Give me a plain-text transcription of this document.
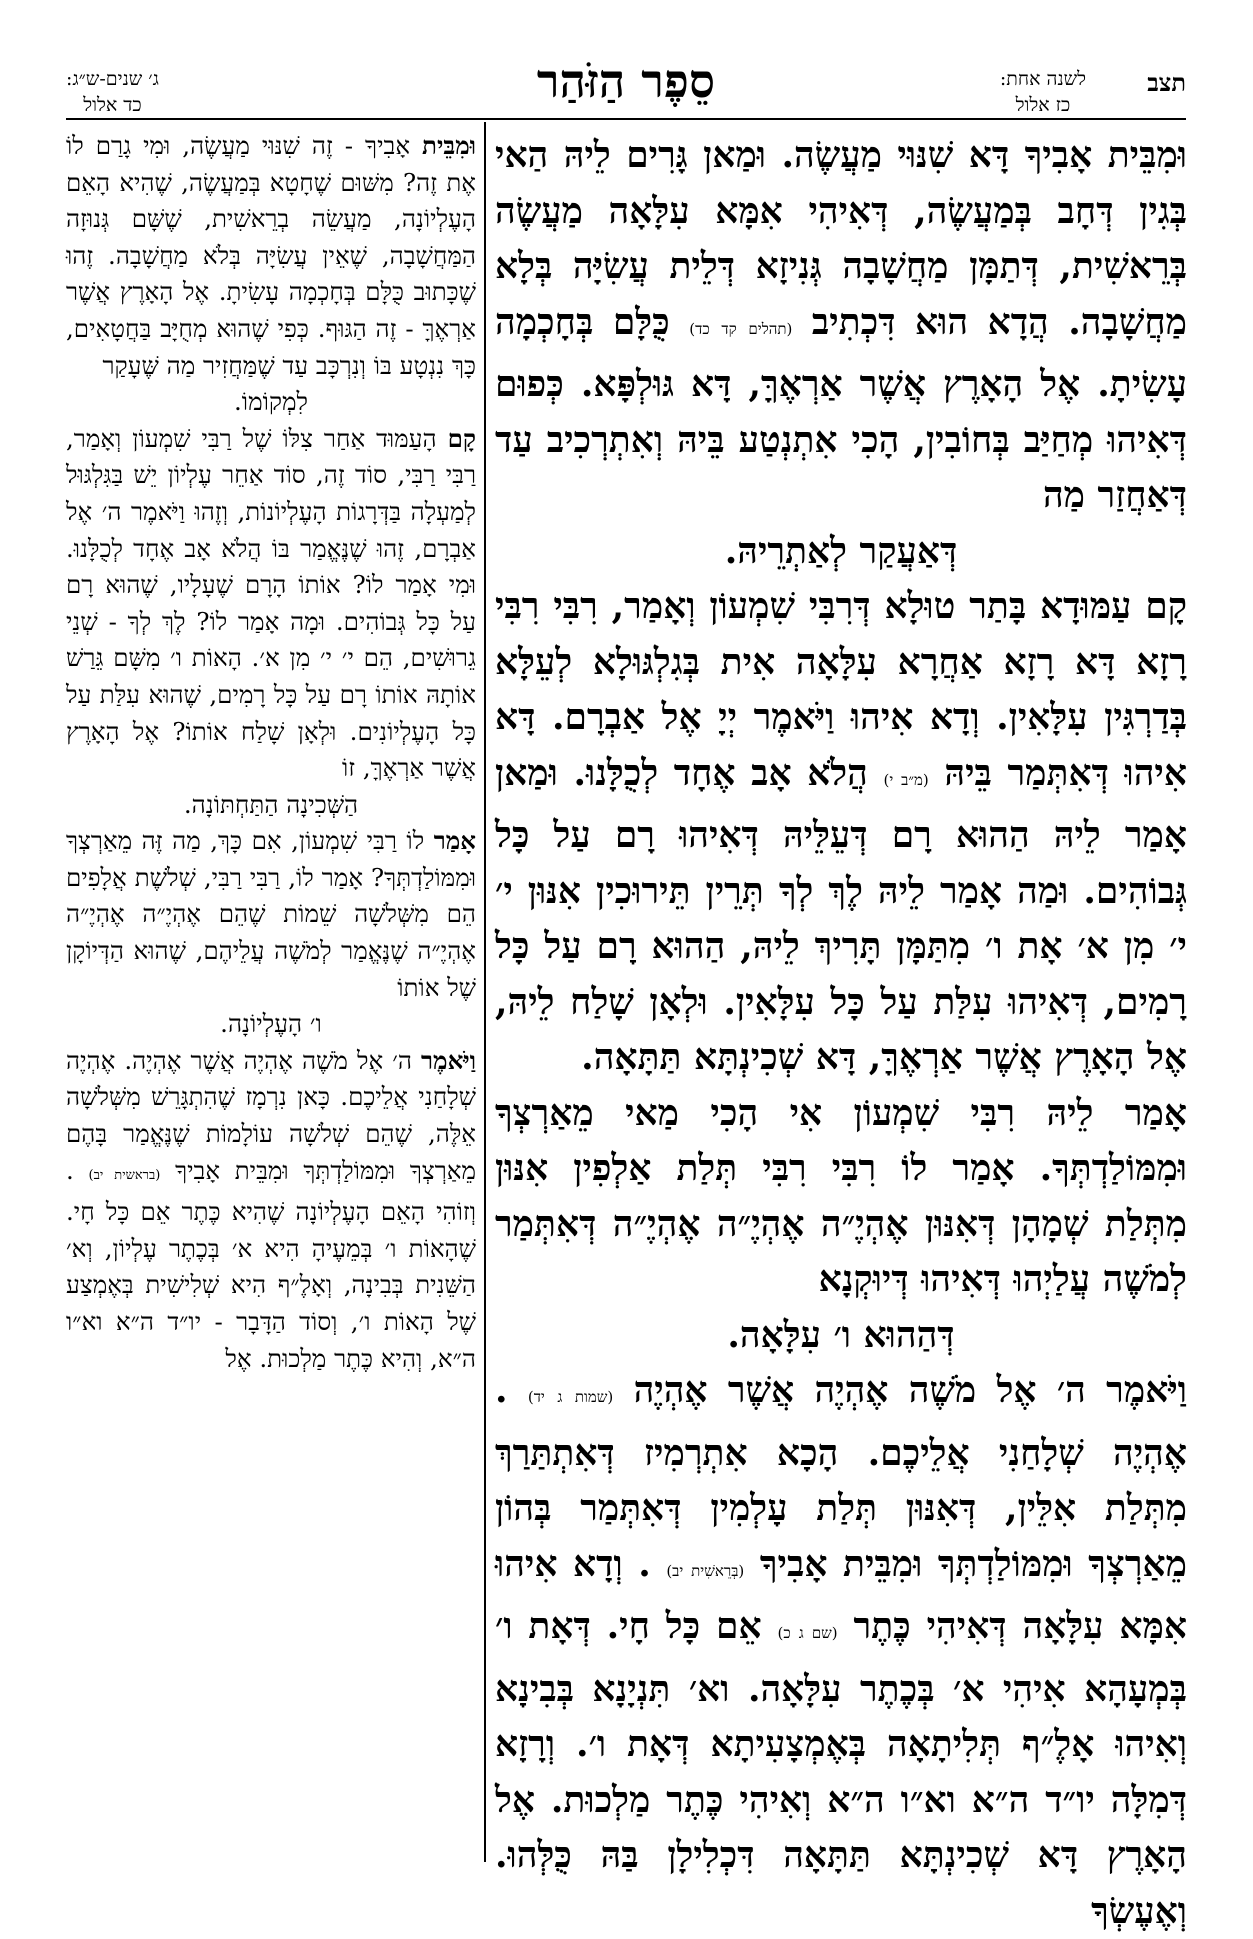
תצב
לשנה אחת:
כז אלול
סֵפֶר הַזֹּהַר
ג׳ שנים-ש״ג:
כד אלול

וּמִבֵּית אָבִיךָ דָּא שִׁנּוּי מַעֲשֶׂה. וּמַאן גָּרִים לֵיהּ הַאי בְּגִין דְּחָב בְּמַעֲשֶׂה, דְּאִיהִי אִמָּא עִלָּאָה מַעֲשֶׂה בְּרֵאשִׁית, דְּתַמָּן מַחֲשָׁבָה גְּנִיזָא דְּלֵית עֲשִׂיָּה בְּלָא מַחֲשָׁבָה. הֲדָא הוּא דִּכְתִיב (תהלים קד כד) כֻּלָּם בְּחָכְמָה עָשִׂיתָ. אֶל הָאָרֶץ אֲשֶׁר אַרְאֶךָּ, דָּא גּוּלְפָּא. כְּפוּם דְּאִיהוּ מְחַיַּב בְּחוֹבִין, הָכִי אִתְנְטַע בֵּיהּ וְאִתְרְכִיב עַד דְּאַחֲזַר מַה

דְּאַעֲקַר לְאַתְרֵיהּ.

קָם עַמּוּדָא בָּתַר טוּלָא דְּרִבִּי שִׁמְעוֹן וְאָמַר, רִבִּי רִבִּי רָזָא דָּא רָזָא אַחֲרָא עִלָּאָה אִית בְּגִלְגּוּלָא לְעֵלָּא בְּדַרְגִּין עִלָּאִין. וְדָא אִיהוּ וַיֹּאמֶר יְיָ אֶל אַבְרָם. דָּא אִיהוּ דְּאִתְּמַר בֵּיהּ (מ״ב י) הֲלֹא אָב אֶחָד לְכֻלָּנוּ. וּמַאן אָמַר לֵיהּ הַהוּא רָם דְּעֵלֵּיהּ דְּאִיהוּ רָם עַל כָּל גְּבוֹהִים. וּמַה אָמַר לֵיהּ לֶךְ לְךָ תְּרֵין תֵּירוּכִין אִנּוּן י׳ י׳ מִן א׳ אָת ו׳ מִתַּמָּן תָּרִיךְ לֵיהּ, הַהוּא רָם עַל כָּל רָמִים, דְּאִיהוּ עִלַּת עַל כָּל עִלָּאִין. וּלְאָן שָׁלַח לֵיהּ, אֶל הָאָרֶץ אֲשֶׁר אַרְאֶךָּ, דָּא שְׁכִינְתָּא תַּתָּאָה.

אָמַר לֵיהּ רִבִּי שִׁמְעוֹן אִי הָכִי מַאי מֵאַרְצְךָ וּמִמּוֹלַדְתְּךָ. אָמַר לוֹ רִבִּי רִבִּי תְּלַת אַלְפִין אִנּוּן מִתְּלַת שְׁמָהָן דְּאִנּוּן אֶהְיֶ״ה אֶהְיֶ״ה אֶהְיֶ״ה דְּאִתְּמַר לְמֹשֶׁה עֲלַיְהוּ דְּאִיהוּ דְּיוּקְנָא

דְּהַהוּא ו׳ עִלָּאָה.

וַיֹּאמֶר ה׳ אֶל מֹשֶׁה אֶהְיֶה אֲשֶׁר אֶהְיֶה (שמות ג יד) . אֶהְיֶה שְׁלָחַנִי אֲלֵיכֶם. הָכָא אִתְרְמִיז דְּאִתְתַּרַךְ מִתְּלַת אִלֵּין, דְּאִנּוּן תְּלַת עָלְמִין דְּאִתְּמַר בְּהוֹן מֵאַרְצְךָ וּמִמּוֹלַדְתְּךָ וּמִבֵּית אָבִיךָ (בְּרֵאשִׁית יב) . וְדָא אִיהוּ אִמָּא עִלָּאָה דְּאִיהִי כֶּתֶר (שם ג כ) אֵם כָּל חָי. דְּאָת ו׳ בְּמְעָהָא אִיהִי א׳ בְּכֶתֶר עִלָּאָה. וא׳ תִּנְיָנָא בְּבִינָא וְאִיהוּ אָלֶ״ף תְּלִיתָאָה בְּאֶמְצָעִיתָא דְּאָת ו׳. וְרָזָא דְּמִלָּה יו״ד ה״א וא״ו ה״א וְאִיהִי כֶּתֶר מַלְכוּת. אֶל הָאָרֶץ דָּא שְׁכִינְתָּא תַּתָּאָה דִּכְלִילָן בַּהּ כֻּלְּהוּ. וְאֶעֶשְׂךָ

וּמִבֵּית אָבִיךָ - זֶה שִׁנּוּי מַעֲשֶׂה, וּמִי גָרַם לוֹ אֶת זֶה? מִשּׁוּם שֶׁחָטָא בְּמַעֲשֶׂה, שֶׁהִיא הָאֵם הָעֶלְיוֹנָה, מַעֲשֵׂה בְרֵאשִׁית, שֶׁשָּׁם גְּנוּזָה הַמַּחֲשָׁבָה, שֶׁאֵין עֲשִׂיָּה בְּלֹא מַחֲשָׁבָה. זֶהוּ שֶׁכָּתוּב כֻּלָּם בְּחָכְמָה עָשִׂיתָ. אֶל הָאָרֶץ אֲשֶׁר אַרְאֶךָּ - זֶה הַגּוּף. כְּפִי שֶׁהוּא מְחֻיָּב בַּחֲטָאִים, כָּךְ נִנְטָע בּוֹ וְנִרְכָּב עַד שֶׁמַּחֲזִיר מַה שֶּׁעָקַר

לִמְקוֹמוֹ.

קָם הָעַמּוּד אַחַר צִלּוֹ שֶׁל רַבִּי שִׁמְעוֹן וְאָמַר, רַבִּי רַבִּי, סוֹד זֶה, סוֹד אַחֵר עֶלְיוֹן יֵשׁ בַּגִּלְגּוּל לְמַעְלָה בַּדְּרָגוֹת הָעֶלְיוֹנוֹת, וְזֶהוּ וַיֹּאמֶר ה׳ אֶל אַבְרָם, זֶהוּ שֶׁנֶּאֱמַר בּוֹ הֲלֹא אָב אֶחָד לְכֻלָּנוּ. וּמִי אָמַר לוֹ? אוֹתוֹ הָרָם שֶׁעָלָיו, שֶׁהוּא רָם עַל כָּל גְּבוֹהִים. וּמָה אָמַר לוֹ? לֶךְ לְךָ - שְׁנֵי גֵרוּשִׁים, הֵם י׳ י׳ מִן א׳. הָאוֹת ו׳ מִשָּׁם גֵּרַשׁ אוֹתָהּ אוֹתוֹ רָם עַל כָּל רָמִים, שֶׁהוּא עִלַּת עַל כָּל הָעֶלְיוֹנִים. וּלְאָן שָׁלַח אוֹתוֹ? אֶל הָאָרֶץ אֲשֶׁר אַרְאֶךָּ, זוֹ

הַשְּׁכִינָה הַתַּחְתּוֹנָה.

אָמַר לוֹ רַבִּי שִׁמְעוֹן, אִם כָּךְ, מַה זֶּה מֵאַרְצְךָ וּמִמּוֹלַדְתְּךָ? אָמַר לוֹ, רַבִּי רַבִּי, שְׁלֹשֶׁת אֲלָפִים הֵם מִשְּׁלֹשָׁה שֵׁמוֹת שֶׁהֵם אֶהְיֶ״ה אֶהְיֶ״ה אֶהְיֶ״ה שֶׁנֶּאֱמַר לְמֹשֶׁה עֲלֵיהֶם, שֶׁהוּא הַדְּיוֹקָן שֶׁל אוֹתוֹ

ו׳ הָעֶלְיוֹנָה.

וַיֹּאמֶר ה׳ אֶל מֹשֶׁה אֶהְיֶה אֲשֶׁר אֶהְיֶה. אֶהְיֶה שְׁלָחַנִי אֲלֵיכֶם. כָּאן נִרְמָז שֶׁהִתְגָּרֵשׁ מִשְּׁלֹשָׁה אֵלֶּה, שֶׁהֵם שְׁלֹשָׁה עוֹלָמוֹת שֶׁנֶּאֱמַר בָּהֶם מֵאַרְצְךָ וּמִמּוֹלַדְתְּךָ וּמִבֵּית אָבִיךָ (בראשית יב) . וְזוֹהִי הָאֵם הָעֶלְיוֹנָה שֶׁהִיא כֶּתֶר אֵם כָּל חָי. שֶׁהָאוֹת ו׳ בְּמֵעֶיהָ הִיא א׳ בְּכֶתֶר עֶלְיוֹן, וְא׳ הַשֵּׁנִית בְּבִינָה, וְאָלֶ״ף הִיא שְׁלִישִׁית בְּאֶמְצַע שֶׁל הָאוֹת ו׳, וְסוֹד הַדָּבָר - יו״ד ה״א וא״ו ה״א, וְהִיא כֶּתֶר מַלְכוּת. אֶל
